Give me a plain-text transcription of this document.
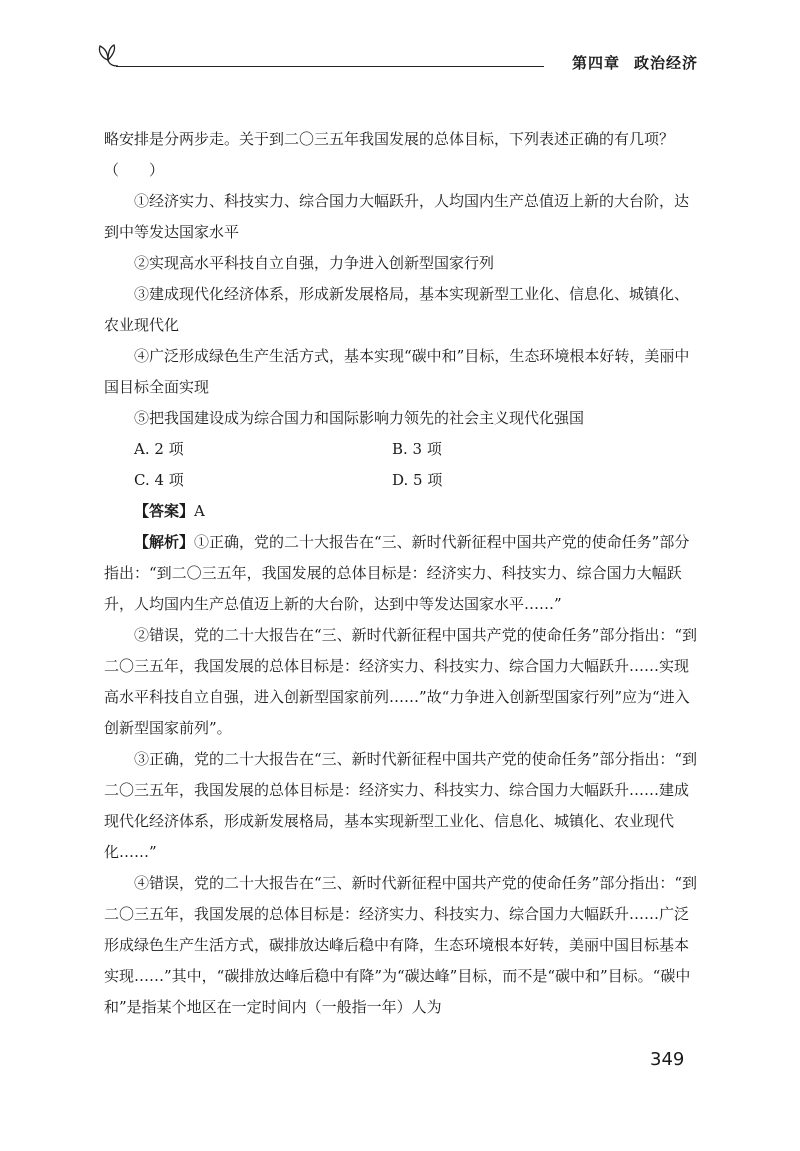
第四章 政治经济

略安排是分两步走。关于到二〇三五年我国发展的总体目标，下列表述正确的有几项？（　　）

①经济实力、科技实力、综合国力大幅跃升，人均国内生产总值迈上新的大台阶，达到中等发达国家水平

②实现高水平科技自立自强，力争进入创新型国家行列

③建成现代化经济体系，形成新发展格局，基本实现新型工业化、信息化、城镇化、农业现代化

④广泛形成绿色生产生活方式，基本实现“碳中和”目标，生态环境根本好转，美丽中国目标全面实现

⑤把我国建设成为综合国力和国际影响力领先的社会主义现代化强国

A. 2 项	B. 3 项
C. 4 项	D. 5 项

【答案】A

【解析】①正确，党的二十大报告在“三、新时代新征程中国共产党的使命任务”部分指出：“到二〇三五年，我国发展的总体目标是：经济实力、科技实力、综合国力大幅跃升，人均国内生产总值迈上新的大台阶，达到中等发达国家水平……”

②错误，党的二十大报告在“三、新时代新征程中国共产党的使命任务”部分指出：“到二〇三五年，我国发展的总体目标是：经济实力、科技实力、综合国力大幅跃升……实现高水平科技自立自强，进入创新型国家前列……”故“力争进入创新型国家行列”应为“进入创新型国家前列”。

③正确，党的二十大报告在“三、新时代新征程中国共产党的使命任务”部分指出：“到二〇三五年，我国发展的总体目标是：经济实力、科技实力、综合国力大幅跃升……建成现代化经济体系，形成新发展格局，基本实现新型工业化、信息化、城镇化、农业现代化……”

④错误，党的二十大报告在“三、新时代新征程中国共产党的使命任务”部分指出：“到二〇三五年，我国发展的总体目标是：经济实力、科技实力、综合国力大幅跃升……广泛形成绿色生产生活方式，碳排放达峰后稳中有降，生态环境根本好转，美丽中国目标基本实现……”其中，“碳排放达峰后稳中有降”为“碳达峰”目标，而不是“碳中和”目标。“碳中和”是指某个地区在一定时间内（一般指一年）人为

349
